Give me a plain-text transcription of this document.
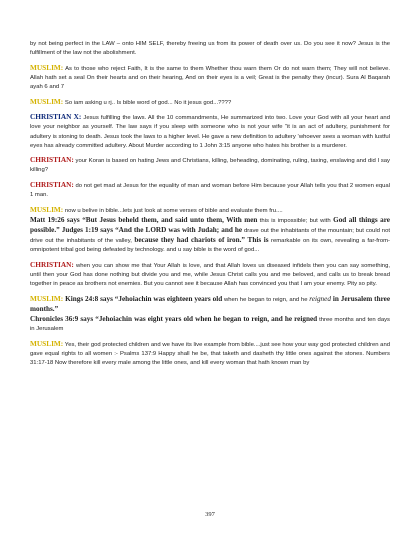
by not being perfect in the LAW – onto HIM SELF, thereby freeing us from its power of death over us. Do you see it now? Jesus is the fulfillment of the law not the abolishment.

MUSLIM: As to those who reject Faith, It is the same to them Whether thou warn them Or do not warn them; They will not believe. Allah hath set a seal On their hearts and on their hearing, And on their eyes is a veil; Great is the penalty they (incur). Sura Al Baqarah ayah 6 and 7

MUSLIM: So iam asking u rj.. Is bible word of god... No it jesus god...????

CHRISTIAN X: Jesus fulfilling the laws. All the 10 commandments, He summarized into two. Love your God with all your heart and love your neighbor as yourself. The law says if you sleep with someone who is not your wife “it is an act of adultery, punishment for adultery is stoning to death. Jesus took the laws to a higher level. He gave a new definition to adultery ‘whoever sees a woman with lustful eyes has already committed adultery. About Murder according to 1 John 3:15 anyone who hates his brother is a murderer.

CHRISTIAN: your Koran is based on hating Jews and Christians, killing, beheading, dominating, ruling, taxing, enslaving and did I say killing?

CHRISTIAN: do not get mad at Jesus for the equality of man and woman before Him because your Allah tells you that 2 women equal 1 man.

MUSLIM: now u belive in bible...lets just look at some verses of bible and evaluate them fru....
Matt 19:26 says “But Jesus beheld them, and said unto them, With men this is impossible; but with God all things are possible.” Judges 1:19 says “And the LORD was with Judah; and he drave out the inhabitants of the mountain; but could not drive out the inhabitants of the valley, because they had chariots of iron.” This is remarkable on its own, revealing a far-from-omnipotent tribal god being defeated by technology. and u say bible is the word of god...

CHRISTIAN: when you can show me that Your Allah is love, and that Allah loves us diseased infidels then you can say something, until then your God has done nothing but divide you and me, while Jesus Christ calls you and me beloved, and calls us to break bread together in peace as brothers not enemies. But you cannot see it because Allah has convinced you that I am your enemy. Pity so pity.

MUSLIM: Kings 24:8 says “Jehoiachin was eighteen years old when he began to reign, and he reigned in Jerusalem three months.”
Chronicles 36:9 says “Jehoiachin was eight years old when he began to reign, and he reigned three months and ten days in Jerusalem

MUSLIM: Yes, their god protected children and we have its live example from bible....just see how your way god protected children and gave equal rights to all women :- Psalms 137:9 Happy shall he be, that taketh and dasheth thy little ones against the stones. Numbers 31:17-18 Now therefore kill every male among the little ones, and kill every woman that hath known man by

397
